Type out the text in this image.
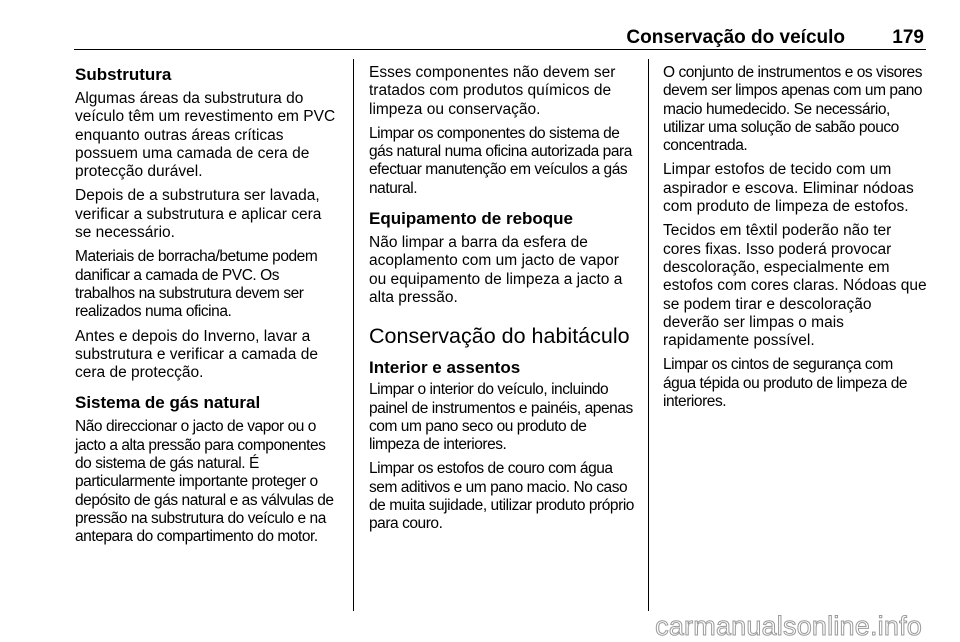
Conservação do veículo 179
Substrutura

Algumas áreas da substrutura do veículo têm um revestimento em PVC enquanto outras áreas críticas possuem uma camada de cera de protecção durável.

Depois de a substrutura ser lavada, verificar a substrutura e aplicar cera se necessário.

Materiais de borracha/betume podem danificar a camada de PVC. Os trabalhos na substrutura devem ser realizados numa oficina.

Antes e depois do Inverno, lavar a substrutura e verificar a camada de cera de protecção.

Sistema de gás natural

Não direccionar o jacto de vapor ou o jacto a alta pressão para componentes do sistema de gás natural. É particularmente importante proteger o depósito de gás natural e as válvulas de pressão na substrutura do veículo e na antepara do compartimento do motor.

Esses componentes não devem ser tratados com produtos químicos de limpeza ou conservação.

Limpar os componentes do sistema de gás natural numa oficina autorizada para efectuar manutenção em veículos a gás natural.

Equipamento de reboque

Não limpar a barra da esfera de acoplamento com um jacto de vapor ou equipamento de limpeza a jacto a alta pressão.

Conservação do habitáculo
Interior e assentos

Limpar o interior do veículo, incluindo painel de instrumentos e painéis, apenas com um pano seco ou produto de limpeza de interiores.

Limpar os estofos de couro com água sem aditivos e um pano macio. No caso de muita sujidade, utilizar produto próprio para couro.

O conjunto de instrumentos e os visores devem ser limpos apenas com um pano macio humedecido. Se necessário, utilizar uma solução de sabão pouco concentrada.

Limpar estofos de tecido com um aspirador e escova. Eliminar nódoas com produto de limpeza de estofos.

Tecidos em têxtil poderão não ter cores fixas. Isso poderá provocar descoloração, especialmente em estofos com cores claras. Nódoas que se podem tirar e descoloração deverão ser limpas o mais rapidamente possível.

Limpar os cintos de segurança com água tépida ou produto de limpeza de interiores.

carmanualsonline.info
